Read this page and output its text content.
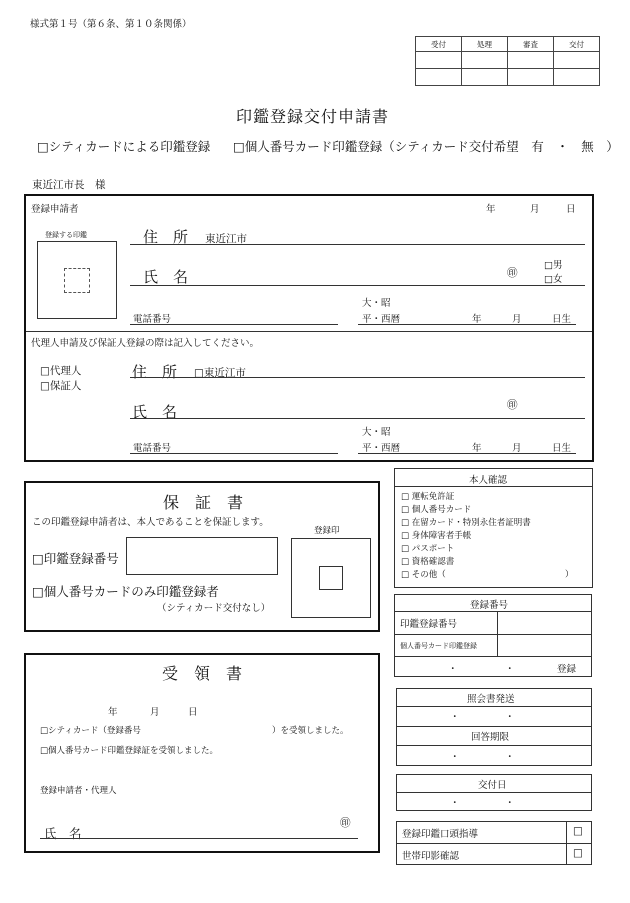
様式第１号（第６条、第１０条関係）
受付	処理	審査	交付

印鑑登録交付申請書
□シティカードによる印鑑登録 □個人番号カード印鑑登録（シティカード交付希望　有　・　無　）
東近江市長　様
登録申請者	年	月	日
登録する印鑑	住　所 東近江市
氏　名	㊞
□男
□女
電話番号
大・昭
平・西暦	年	月	日生
代理人申請及び保証人登録の際は記入してください。
□代理人
□保証人
住　所 □東近江市
氏　名	㊞
電話番号
大・昭
平・西暦	年	月	日生
保　証　書
この印鑑登録申請者は、本人であることを保証します。
登録印
□印鑑登録番号
□個人番号カードのみ印鑑登録者
（シティカード交付なし）
本人確認
□ 運転免許証
□ 個人番号カード
□ 在留カード・特別永住者証明書
□ 身体障害者手帳
□ パスポート
□ 資格確認書
□ その他（	）
登録番号
印鑑登録番号
個人番号カード印鑑登録
・	・	登録
受　領　書
年	月	日
□シティカード（登録番号	）を受領しました。
□個人番号カード印鑑登録証を受領しました。
登録申請者・代理人
氏　名
㊞
照会書発送
・	・
回答期限
・	・
交付日
・	・
登録印鑑口頭指導	□
世帯印影確認	□
